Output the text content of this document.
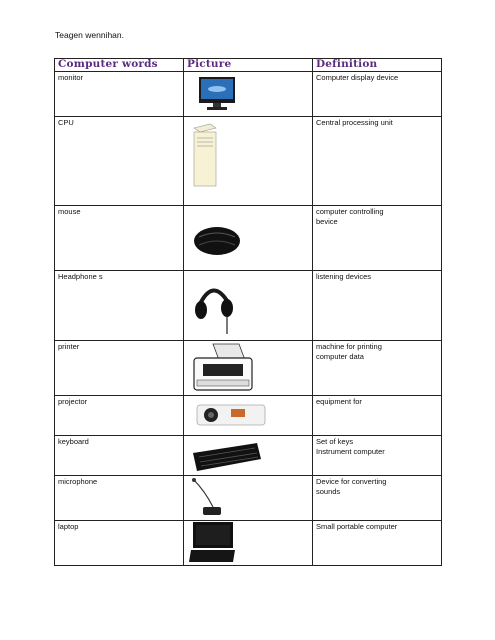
Teagen wennihan.
Computer words	Picture	Definition
monitor		Computer display device
CPU		Central processing unit
mouse		computer controlling
bevice
Headphone s		listening devices
printer		machine for printing
computer data
projector		equipment for
keyboard		Set of keys
Instrument computer
microphone		Device for converting
sounds
laptop		Small portable computer
